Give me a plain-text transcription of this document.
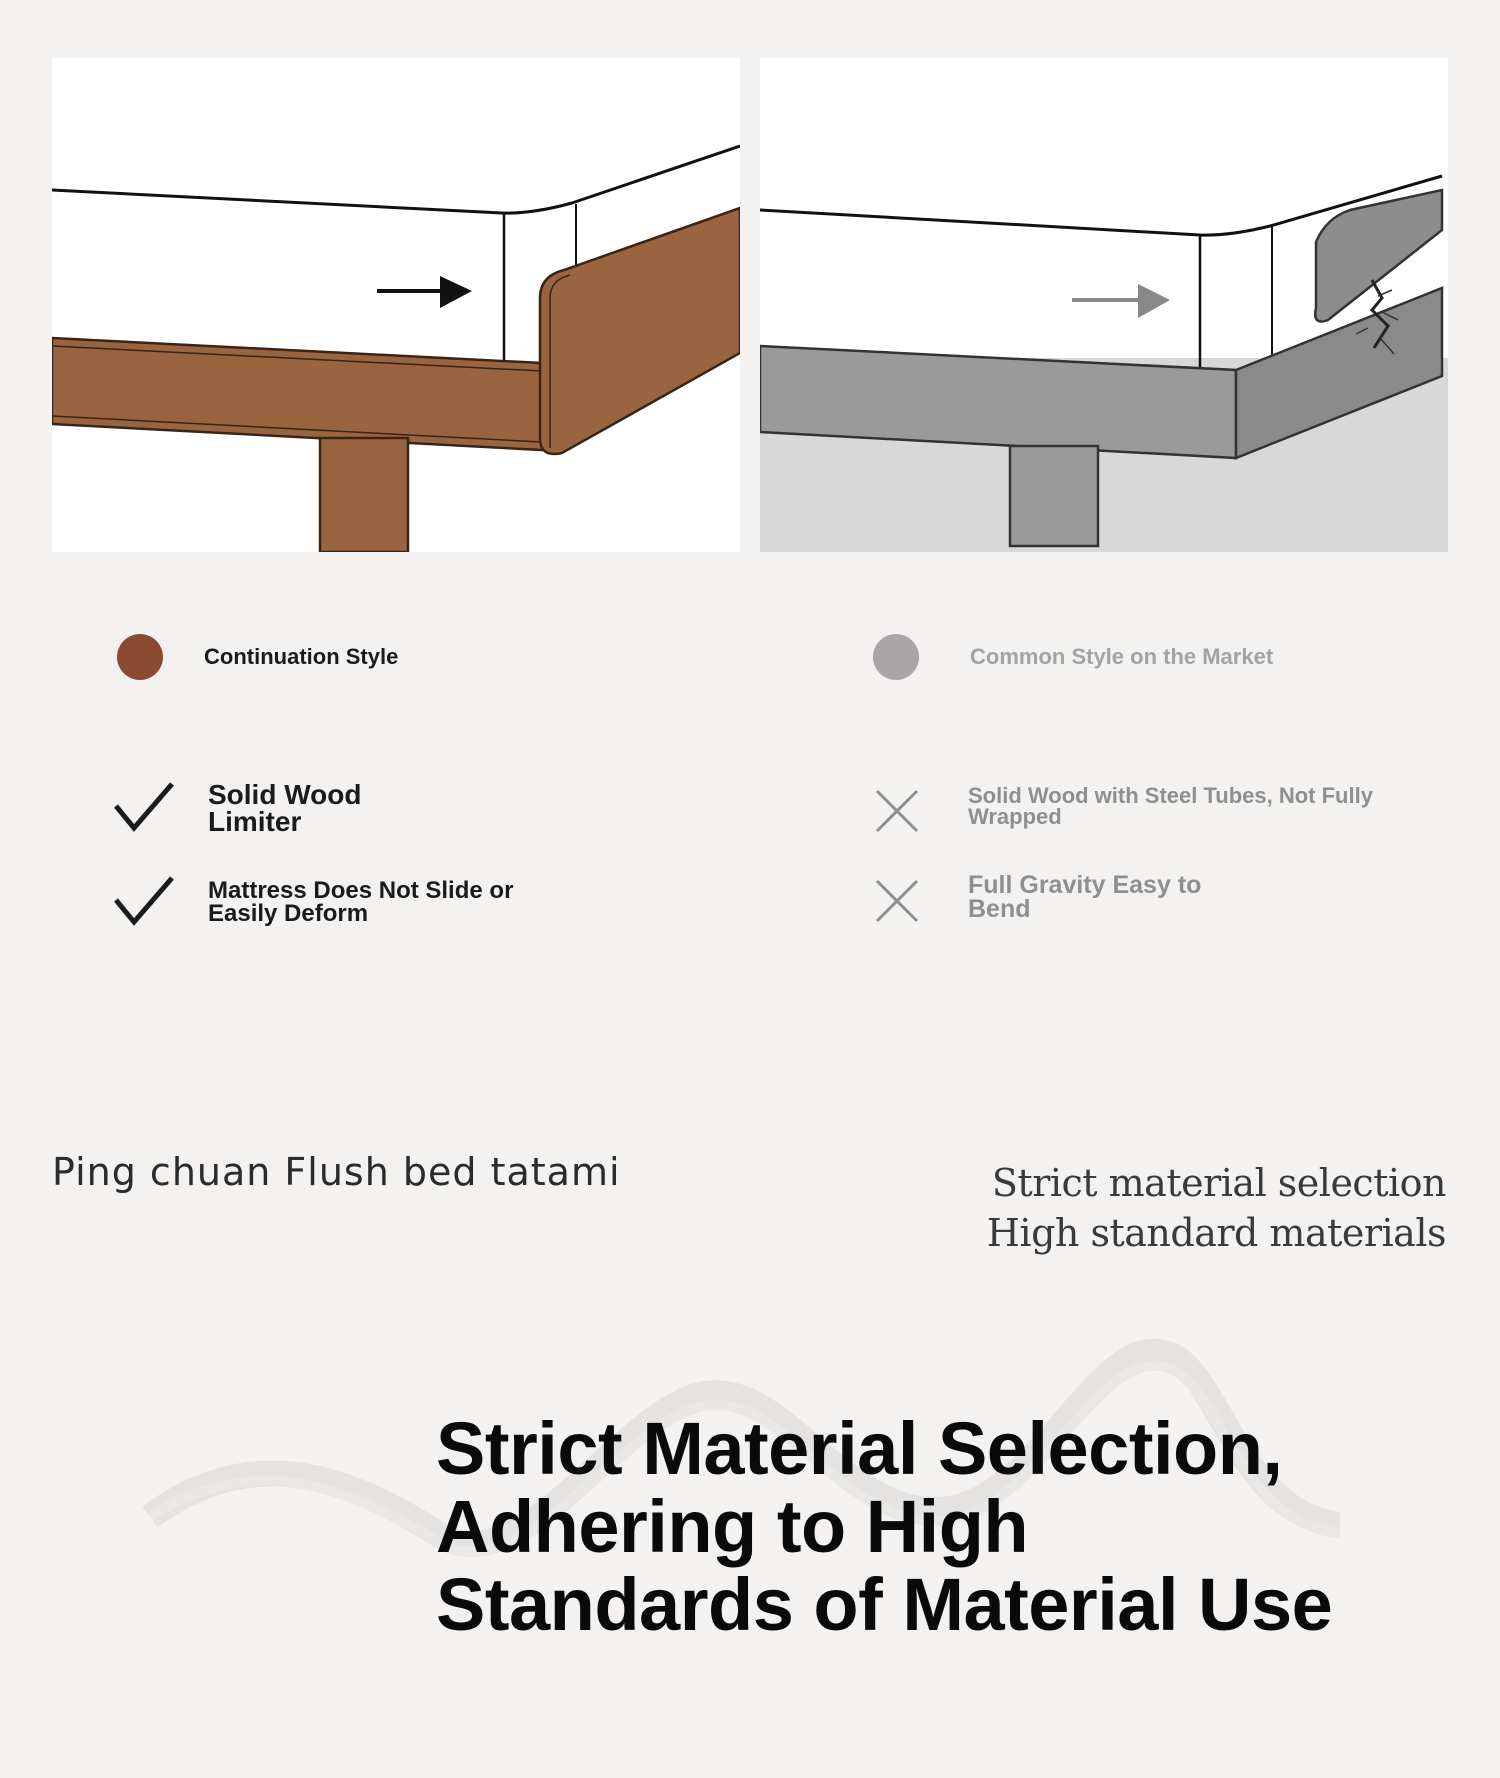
Continuation Style	Common Style on the Market
Solid Wood
Limiter
Mattress Does Not Slide or
Easily Deform
Solid Wood with Steel Tubes, Not Fully
Wrapped
Full Gravity Easy to
Bend
Ping chuan Flush bed tatami	Strict material selection
High standard materials
Strict Material Selection,
Adhering to High
Standards of Material Use
